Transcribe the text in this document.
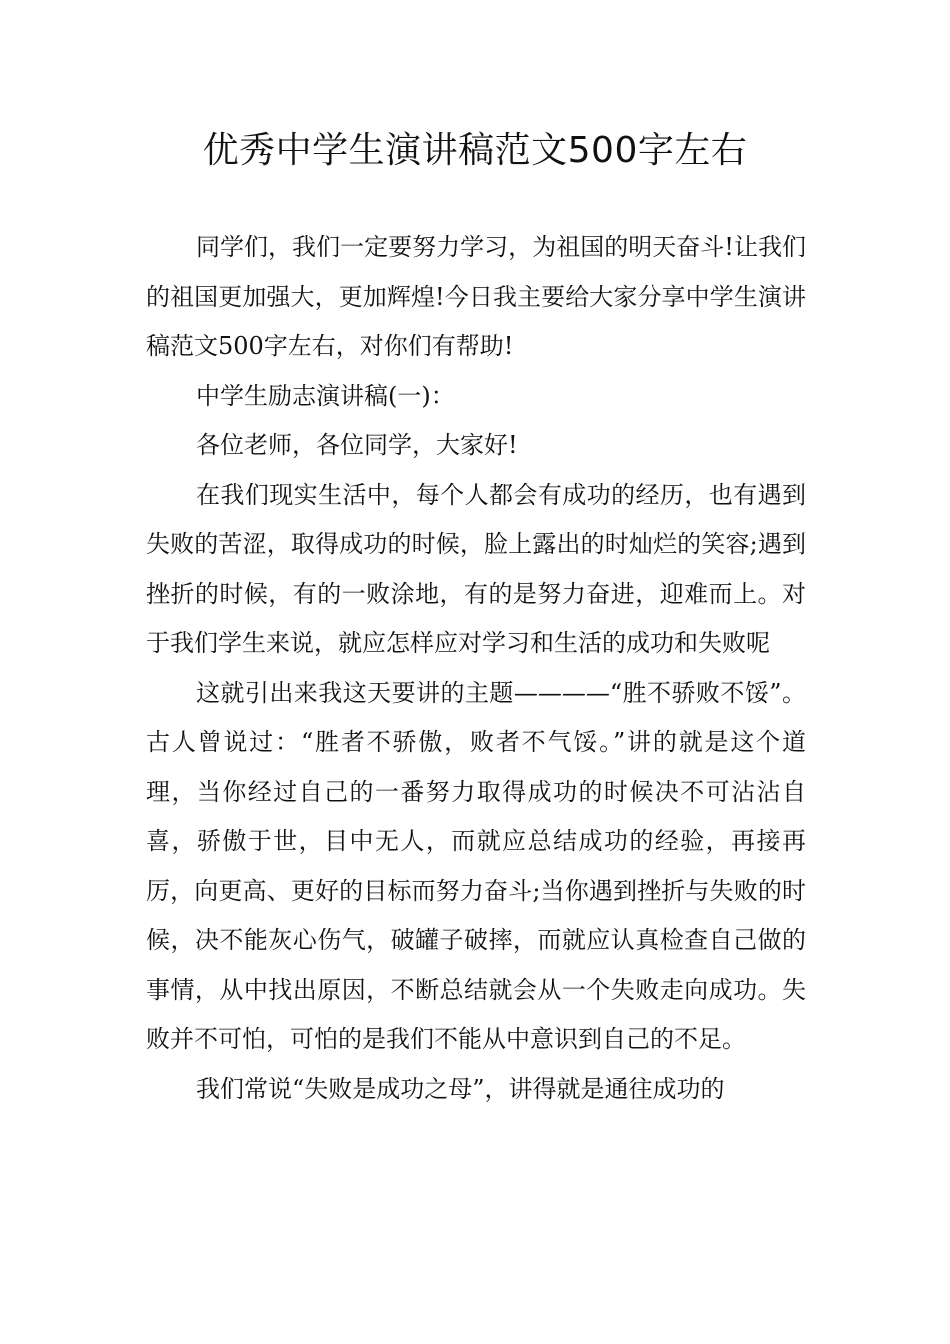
优秀中学生演讲稿范文500字左右

同学们，我们一定要努力学习，为祖国的明天奋斗!让我们的祖国更加强大，更加辉煌!今日我主要给大家分享中学生演讲稿范文500字左右，对你们有帮助!

中学生励志演讲稿(一)：

各位老师，各位同学，大家好!

在我们现实生活中，每个人都会有成功的经历，也有遇到失败的苦涩，取得成功的时候，脸上露出的时灿烂的笑容;遇到挫折的时候，有的一败涂地，有的是努力奋进，迎难而上。对于我们学生来说，就应怎样应对学习和生活的成功和失败呢

这就引出来我这天要讲的主题————“胜不骄败不馁”。古人曾说过：“胜者不骄傲，败者不气馁。”讲的就是这个道理，当你经过自己的一番努力取得成功的时候决不可沾沾自喜，骄傲于世，目中无人，而就应总结成功的经验，再接再厉，向更高、更好的目标而努力奋斗;当你遇到挫折与失败的时候，决不能灰心伤气，破罐子破摔，而就应认真检查自己做的事情，从中找出原因，不断总结就会从一个失败走向成功。失败并不可怕，可怕的是我们不能从中意识到自己的不足。

我们常说“失败是成功之母”，讲得就是通往成功的
